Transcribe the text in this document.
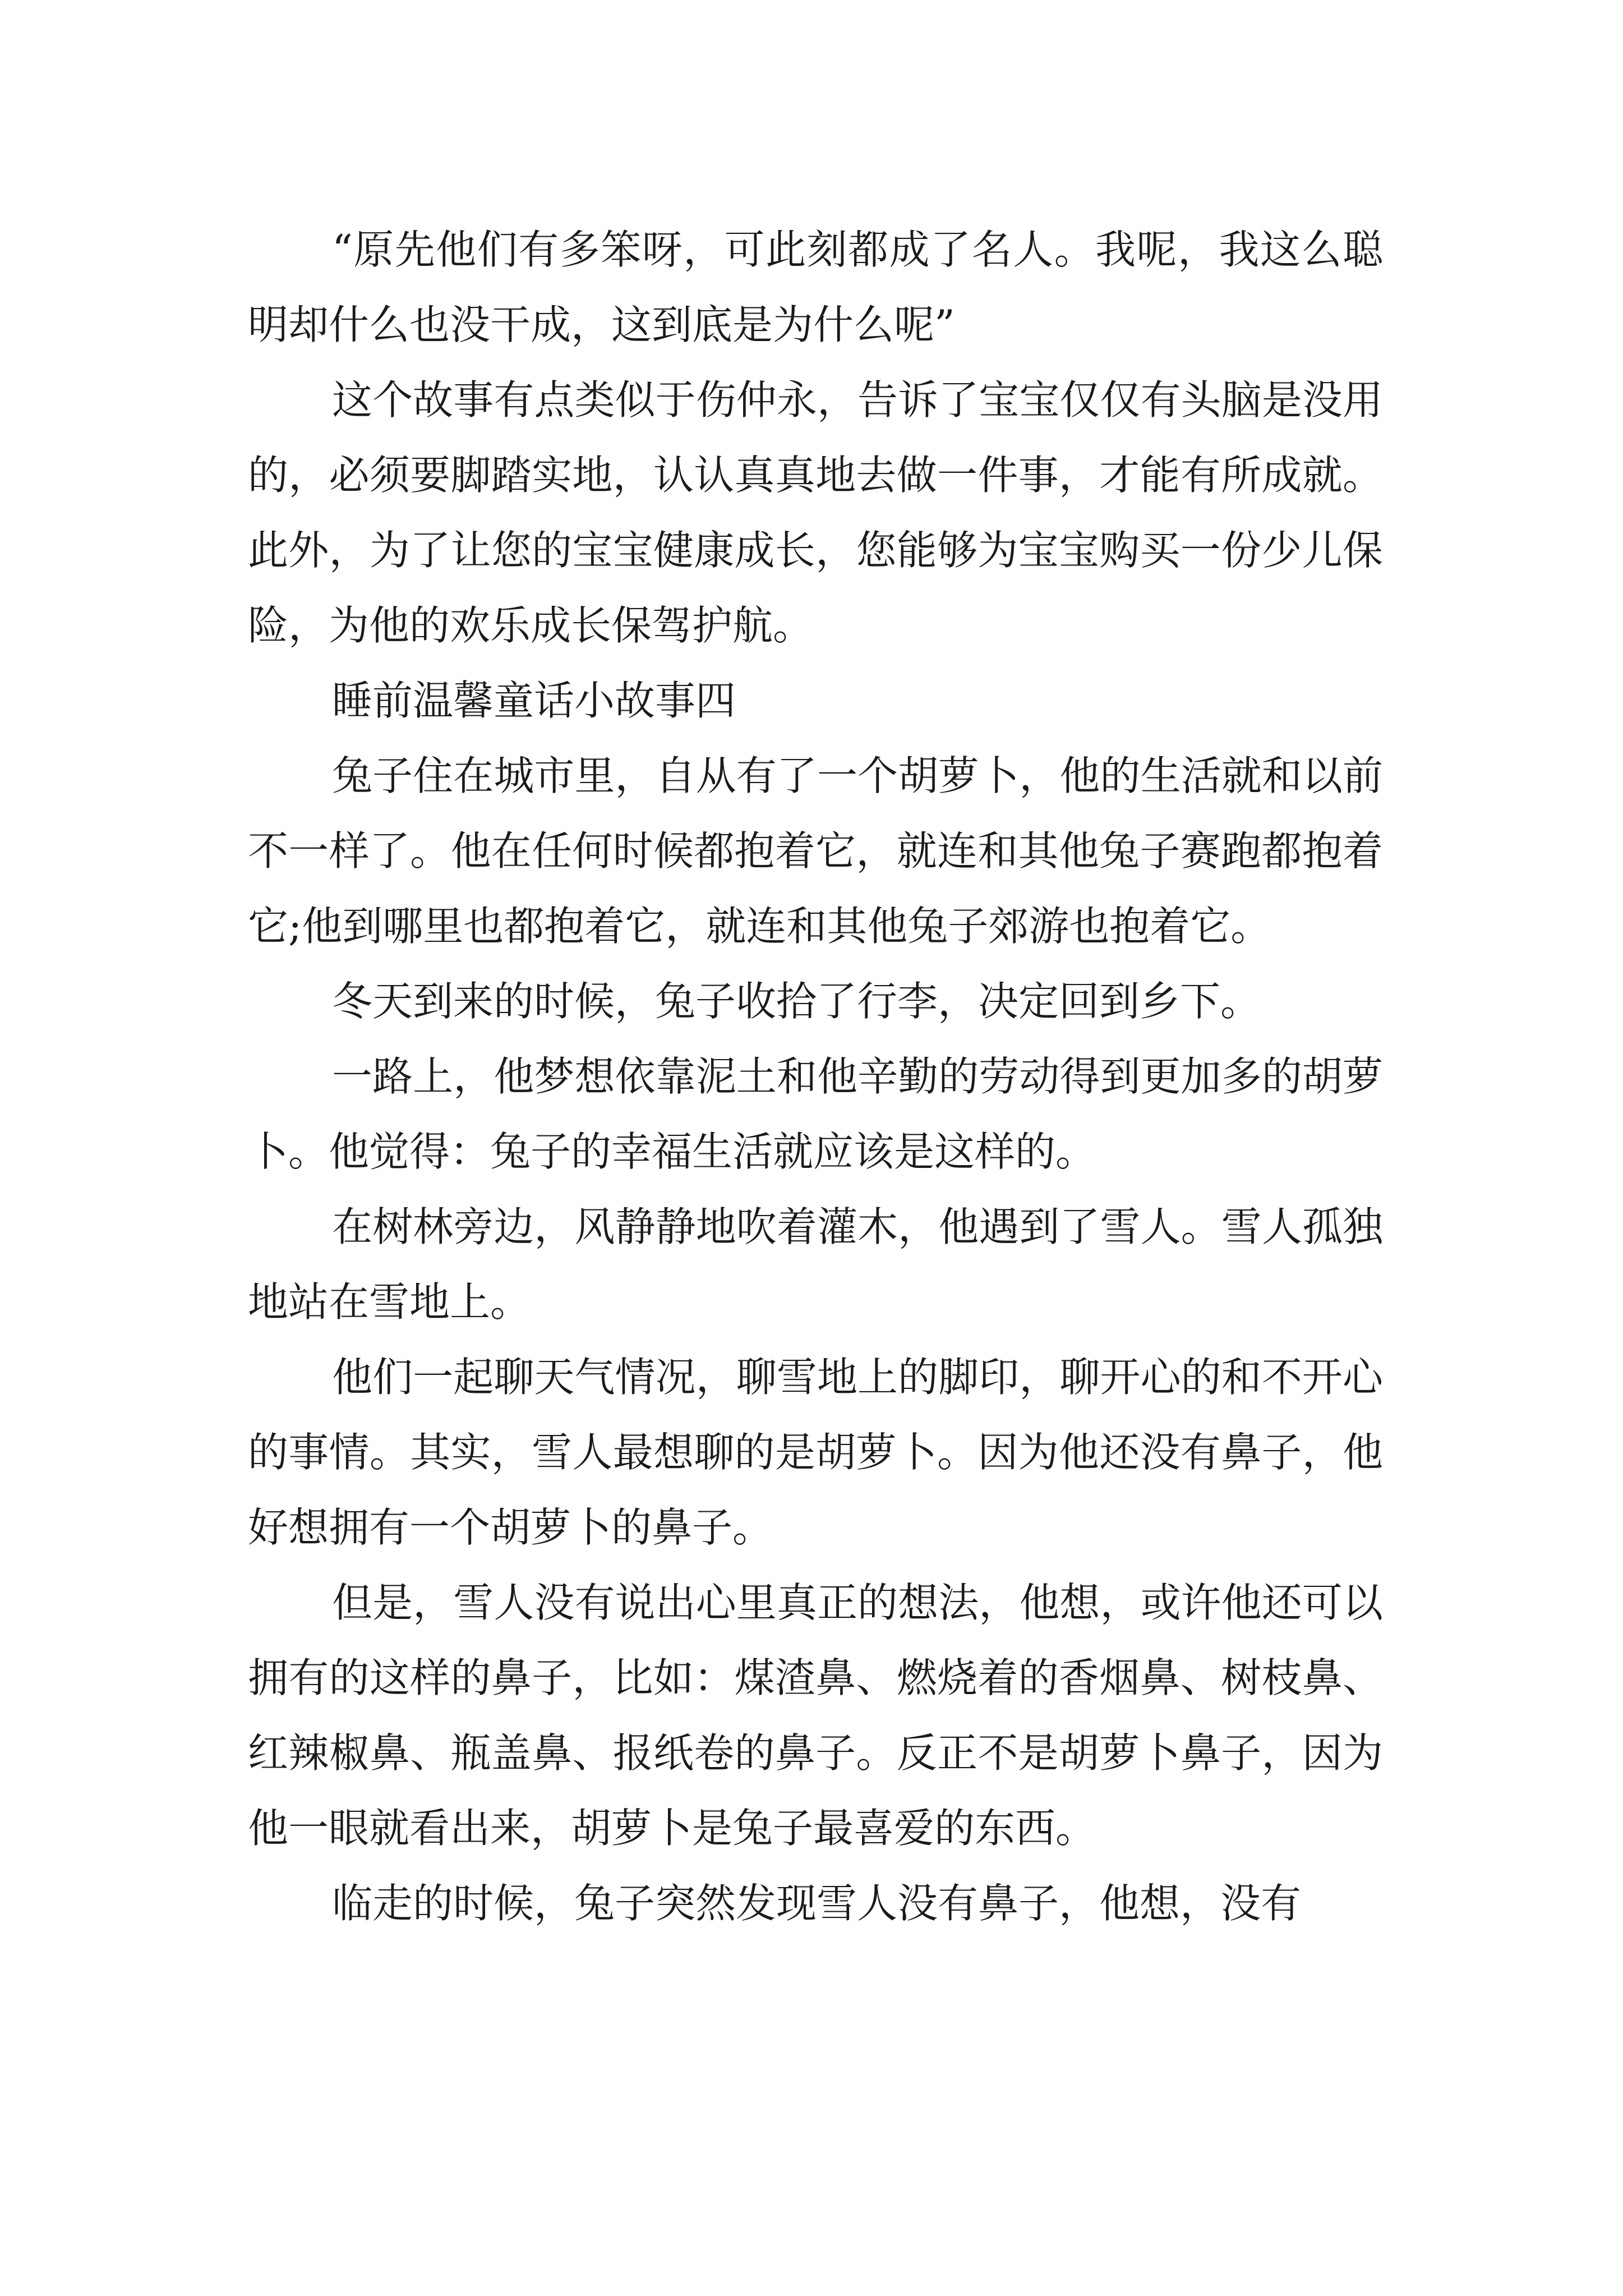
“原先他们有多笨呀，可此刻都成了名人。我呢，我这么聪明却什么也没干成，这到底是为什么呢”

这个故事有点类似于伤仲永，告诉了宝宝仅仅有头脑是没用的，必须要脚踏实地，认认真真地去做一件事，才能有所成就。此外，为了让您的宝宝健康成长，您能够为宝宝购买一份少儿保险，为他的欢乐成长保驾护航。

睡前温馨童话小故事四

兔子住在城市里，自从有了一个胡萝卜，他的生活就和以前不一样了。他在任何时候都抱着它，就连和其他兔子赛跑都抱着它;他到哪里也都抱着它，就连和其他兔子郊游也抱着它。

冬天到来的时候，兔子收拾了行李，决定回到乡下。

一路上，他梦想依靠泥土和他辛勤的劳动得到更加多的胡萝卜。他觉得：兔子的幸福生活就应该是这样的。

在树林旁边，风静静地吹着灌木，他遇到了雪人。雪人孤独地站在雪地上。

他们一起聊天气情况，聊雪地上的脚印，聊开心的和不开心的事情。其实，雪人最想聊的是胡萝卜。因为他还没有鼻子，他好想拥有一个胡萝卜的鼻子。

但是，雪人没有说出心里真正的想法，他想，或许他还可以拥有的这样的鼻子，比如：煤渣鼻、燃烧着的香烟鼻、树枝鼻、红辣椒鼻、瓶盖鼻、报纸卷的鼻子。反正不是胡萝卜鼻子，因为他一眼就看出来，胡萝卜是兔子最喜爱的东西。

临走的时候，兔子突然发现雪人没有鼻子，他想，没有
